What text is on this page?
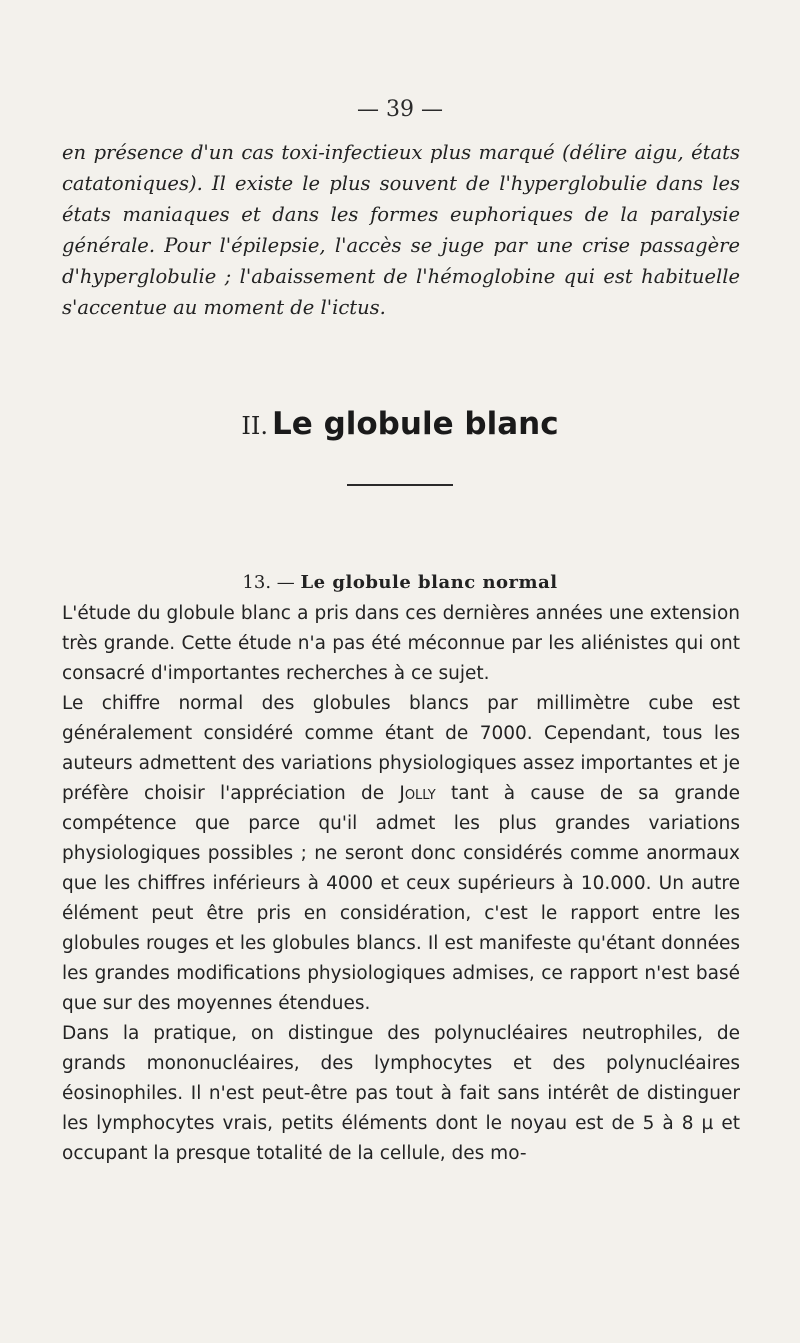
— 39 —
en présence d'un cas toxi-infectieux plus marqué (délire aigu, états catatoniques). Il existe le plus souvent de l'hyperglobulie dans les états maniaques et dans les formes euphoriques de la paralysie générale. Pour l'épilepsie, l'accès se juge par une crise passagère d'hyperglobulie ; l'abaissement de l'hémoglobine qui est habituelle s'accentue au moment de l'ictus.
II. Le globule blanc
13. — Le globule blanc normal

L'étude du globule blanc a pris dans ces dernières années une extension très grande. Cette étude n'a pas été méconnue par les aliénistes qui ont consacré d'importantes recherches à ce sujet.

Le chiffre normal des globules blancs par millimètre cube est généralement considéré comme étant de 7000. Cependant, tous les auteurs admettent des variations physiologiques assez importantes et je préfère choisir l'appréciation de Jolly tant à cause de sa grande compétence que parce qu'il admet les plus grandes variations physiologiques possibles ; ne seront donc considérés comme anormaux que les chiffres inférieurs à 4000 et ceux supérieurs à 10.000. Un autre élément peut être pris en considération, c'est le rapport entre les globules rouges et les globules blancs. Il est manifeste qu'étant données les grandes modifications physiologiques admises, ce rapport n'est basé que sur des moyennes étendues.

Dans la pratique, on distingue des polynucléaires neutrophiles, de grands mononucléaires, des lymphocytes et des polynucléaires éosinophiles. Il n'est peut-être pas tout à fait sans intérêt de distinguer les lymphocytes vrais, petits éléments dont le noyau est de 5 à 8 µ et occupant la presque totalité de la cellule, des mo-
